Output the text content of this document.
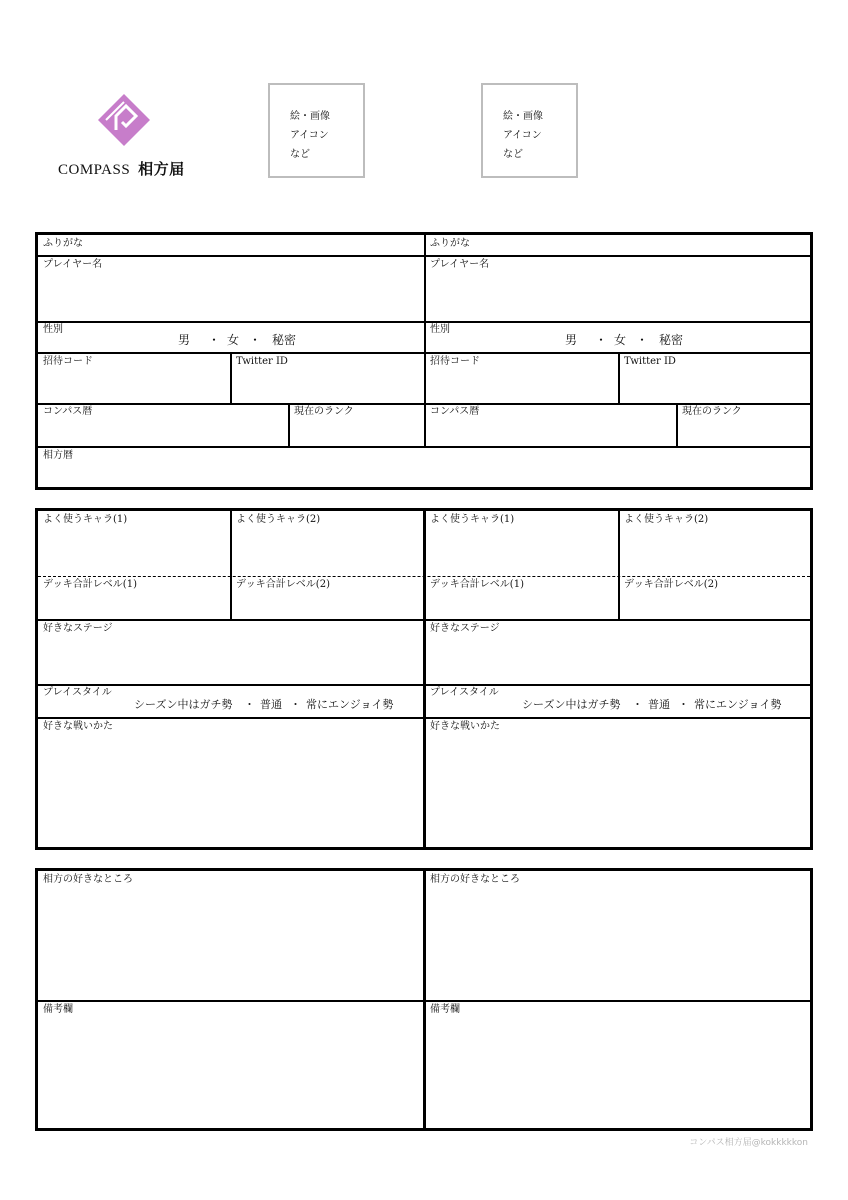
COMPASS 相方届
絵・画像
アイコン
など
絵・画像
アイコン
など
ふりがな
プレイヤー名
性別
男 ・ 女 ・ 秘密
招待コード	Twitter ID
コンパス暦	現在のランク
ふりがな
プレイヤー名
性別
男 ・ 女 ・ 秘密
招待コード	Twitter ID
コンパス暦	現在のランク
相方暦
よく使うキャラ(1)	よく使うキャラ(2)
デッキ合計レベル(1)	デッキ合計レベル(2)
好きなステージ
プレイスタイル
シーズン中はガチ勢 ・ 普通 ・ 常にエンジョイ勢
好きな戦いかた
よく使うキャラ(1)	よく使うキャラ(2)
デッキ合計レベル(1)	デッキ合計レベル(2)
好きなステージ
プレイスタイル
シーズン中はガチ勢 ・ 普通 ・ 常にエンジョイ勢
好きな戦いかた
相方の好きなところ
備考欄
相方の好きなところ
備考欄
コンパス相方届@kokkkkkon
